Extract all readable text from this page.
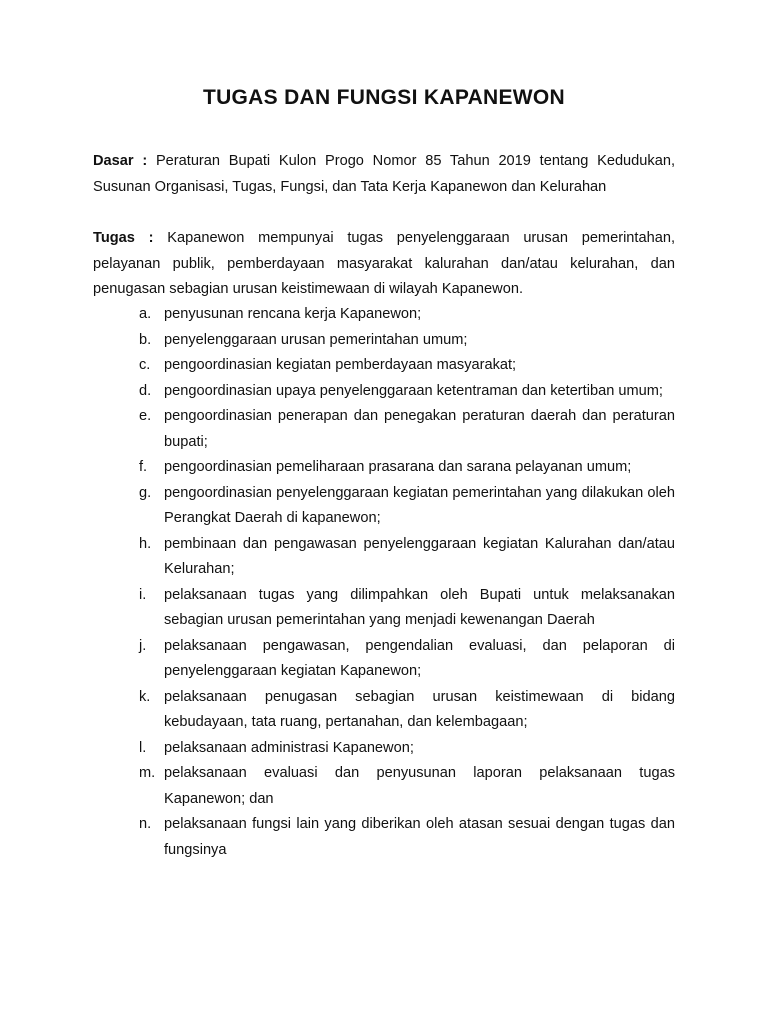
TUGAS DAN FUNGSI KAPANEWON

Dasar : Peraturan Bupati Kulon Progo Nomor 85 Tahun 2019 tentang Kedudukan, Susunan Organisasi, Tugas, Fungsi, dan Tata Kerja Kapanewon dan Kelurahan

Tugas : Kapanewon mempunyai tugas penyelenggaraan urusan pemerintahan, pelayanan publik, pemberdayaan masyarakat kalurahan dan/atau kelurahan, dan penugasan sebagian urusan keistimewaan di wilayah Kapanewon.

a. penyusunan rencana kerja Kapanewon;
b. penyelenggaraan urusan pemerintahan umum;
c. pengoordinasian kegiatan pemberdayaan masyarakat;
d. pengoordinasian upaya penyelenggaraan ketentraman dan ketertiban umum;
e. pengoordinasian penerapan dan penegakan peraturan daerah dan peraturan bupati;
f.	pengoordinasian pemeliharaan prasarana dan sarana pelayanan umum;
g. pengoordinasian penyelenggaraan kegiatan pemerintahan yang dilakukan oleh Perangkat Daerah di kapanewon;
h. pembinaan dan pengawasan penyelenggaraan kegiatan Kalurahan dan/atau Kelurahan;
i.	pelaksanaan tugas yang dilimpahkan oleh Bupati untuk melaksanakan sebagian urusan pemerintahan yang menjadi kewenangan Daerah
j.	pelaksanaan pengawasan, pengendalian evaluasi, dan pelaporan di penyelenggaraan kegiatan Kapanewon;
k. pelaksanaan penugasan sebagian urusan keistimewaan di bidang kebudayaan, tata ruang, pertanahan, dan kelembagaan;
l.	pelaksanaan administrasi Kapanewon;
m. pelaksanaan evaluasi dan penyusunan laporan pelaksanaan tugas Kapanewon; dan
n. pelaksanaan fungsi lain yang diberikan oleh atasan sesuai dengan tugas dan fungsinya
